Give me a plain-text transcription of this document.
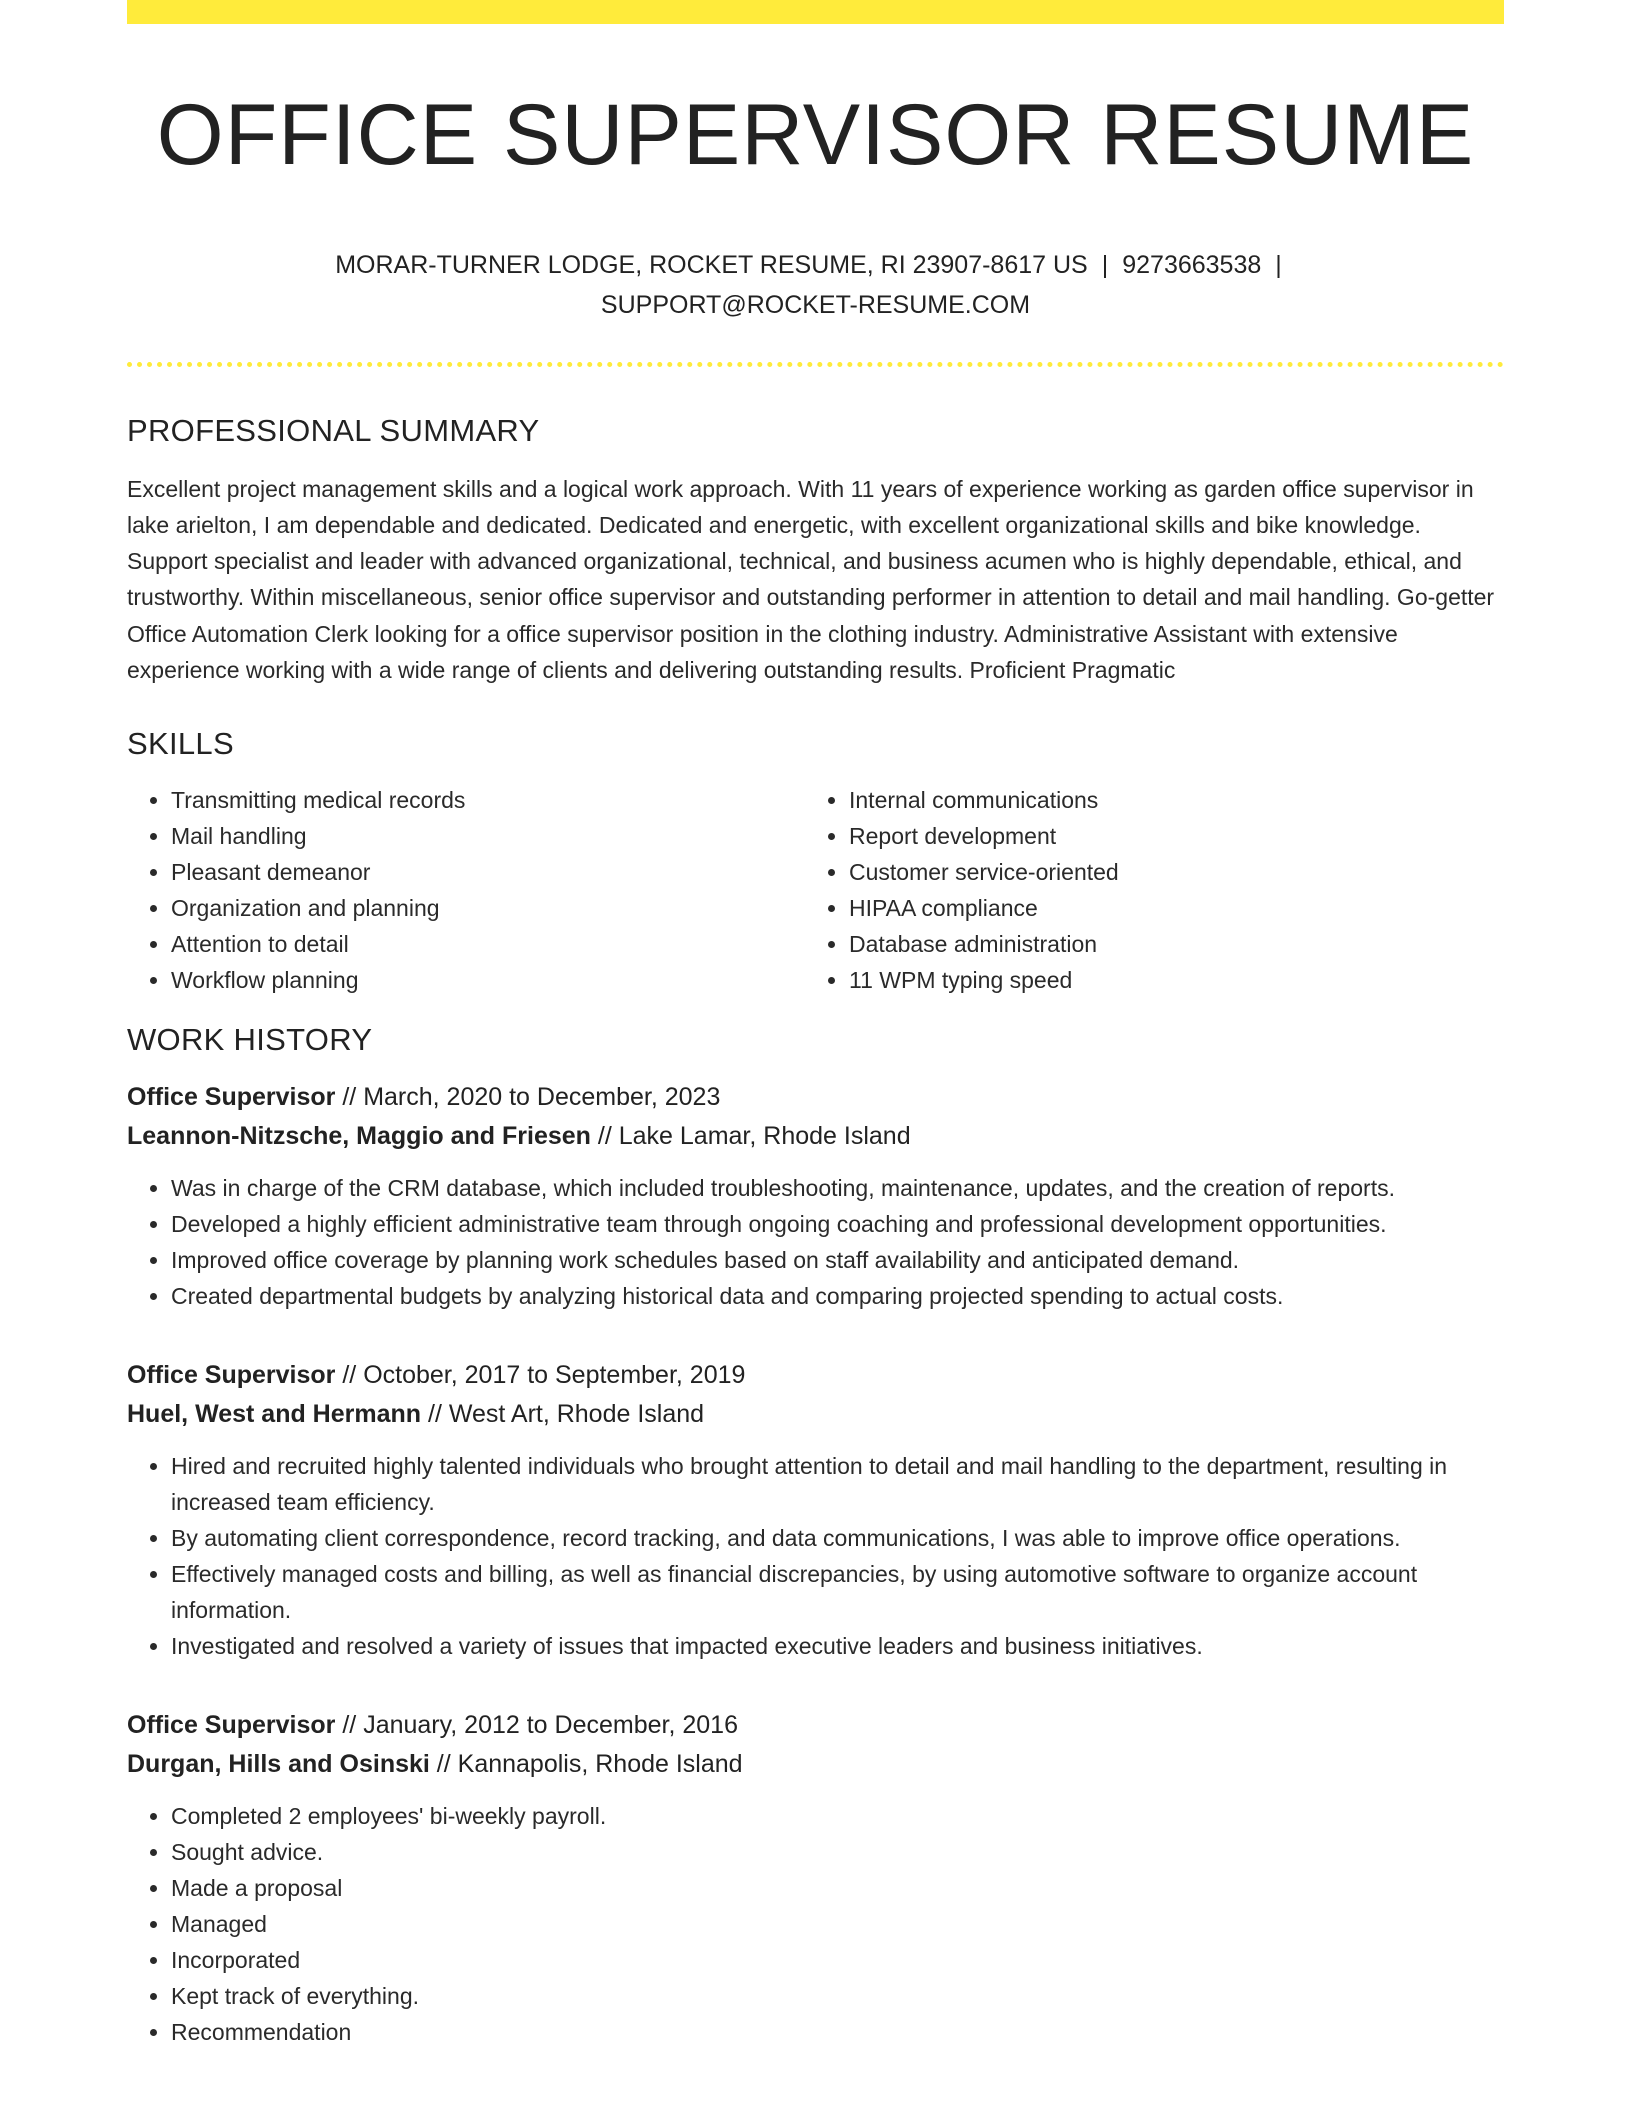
OFFICE SUPERVISOR RESUME
MORAR-TURNER LODGE, ROCKET RESUME, RI 23907-8617 US | 9273663538 |
SUPPORT@ROCKET-RESUME.COM
PROFESSIONAL SUMMARY

Excellent project management skills and a logical work approach. With 11 years of experience working as garden office supervisor in lake arielton, I am dependable and dedicated. Dedicated and energetic, with excellent organizational skills and bike knowledge. Support specialist and leader with advanced organizational, technical, and business acumen who is highly dependable, ethical, and trustworthy. Within miscellaneous, senior office supervisor and outstanding performer in attention to detail and mail handling. Go-getter Office Automation Clerk looking for a office supervisor position in the clothing industry. Administrative Assistant with extensive experience working with a wide range of clients and delivering outstanding results. Proficient Pragmatic

SKILLS
• Transmitting medical records
• Mail handling
• Pleasant demeanor
• Organization and planning
• Attention to detail
• Workflow planning
• Internal communications
• Report development
• Customer service-oriented
• HIPAA compliance
• Database administration
• 11 WPM typing speed
WORK HISTORY
Office Supervisor // March, 2020 to December, 2023
Leannon-Nitzsche, Maggio and Friesen // Lake Lamar, Rhode Island
• Was in charge of the CRM database, which included troubleshooting, maintenance, updates, and the creation of reports.
• Developed a highly efficient administrative team through ongoing coaching and professional development opportunities.
• Improved office coverage by planning work schedules based on staff availability and anticipated demand.
• Created departmental budgets by analyzing historical data and comparing projected spending to actual costs.
Office Supervisor // October, 2017 to September, 2019
Huel, West and Hermann // West Art, Rhode Island
• Hired and recruited highly talented individuals who brought attention to detail and mail handling to the department, resulting in increased team efficiency.
• By automating client correspondence, record tracking, and data communications, I was able to improve office operations.
• Effectively managed costs and billing, as well as financial discrepancies, by using automotive software to organize account information.
• Investigated and resolved a variety of issues that impacted executive leaders and business initiatives.
Office Supervisor // January, 2012 to December, 2016
Durgan, Hills and Osinski // Kannapolis, Rhode Island
• Completed 2 employees' bi-weekly payroll.
• Sought advice.
• Made a proposal
• Managed
• Incorporated
• Kept track of everything.
• Recommendation
